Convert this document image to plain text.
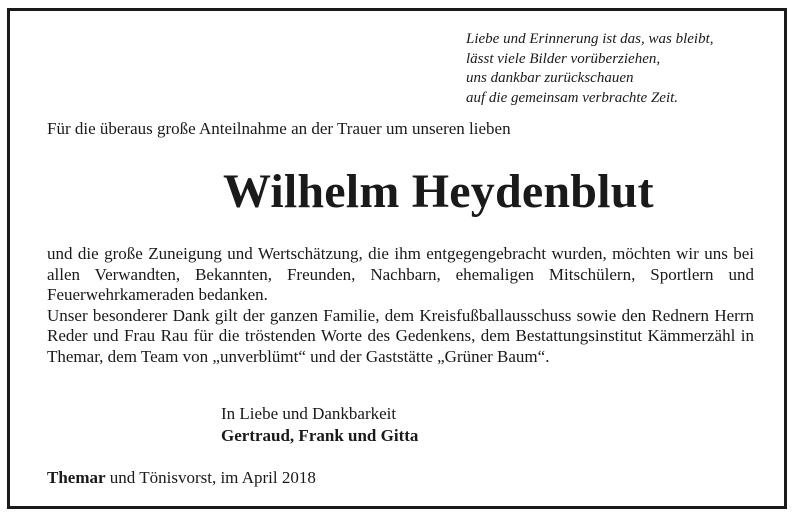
Liebe und Erinnerung ist das, was bleibt,
lässt viele Bilder vorüberziehen,
uns dankbar zurückschauen
auf die gemeinsam verbrachte Zeit.
Für die überaus große Anteilnahme an der Trauer um unseren lieben
Wilhelm Heydenblut

und die große Zuneigung und Wertschätzung, die ihm entgegengebracht wurden, möchten wir uns bei allen Verwandten, Bekannten, Freunden, Nachbarn, ehemaligen Mitschülern, Sportlern und Feuerwehrkameraden bedanken.

Unser besonderer Dank gilt der ganzen Familie, dem Kreisfußballausschuss sowie den Rednern Herrn Reder und Frau Rau für die tröstenden Worte des Gedenkens, dem Bestattungsinstitut Kämmerzähl in Themar, dem Team von „unverblümt“ und der Gaststätte „Grüner Baum“.

In Liebe und Dankbarkeit
Gertraud, Frank und Gitta
Themar und Tönisvorst, im April 2018
